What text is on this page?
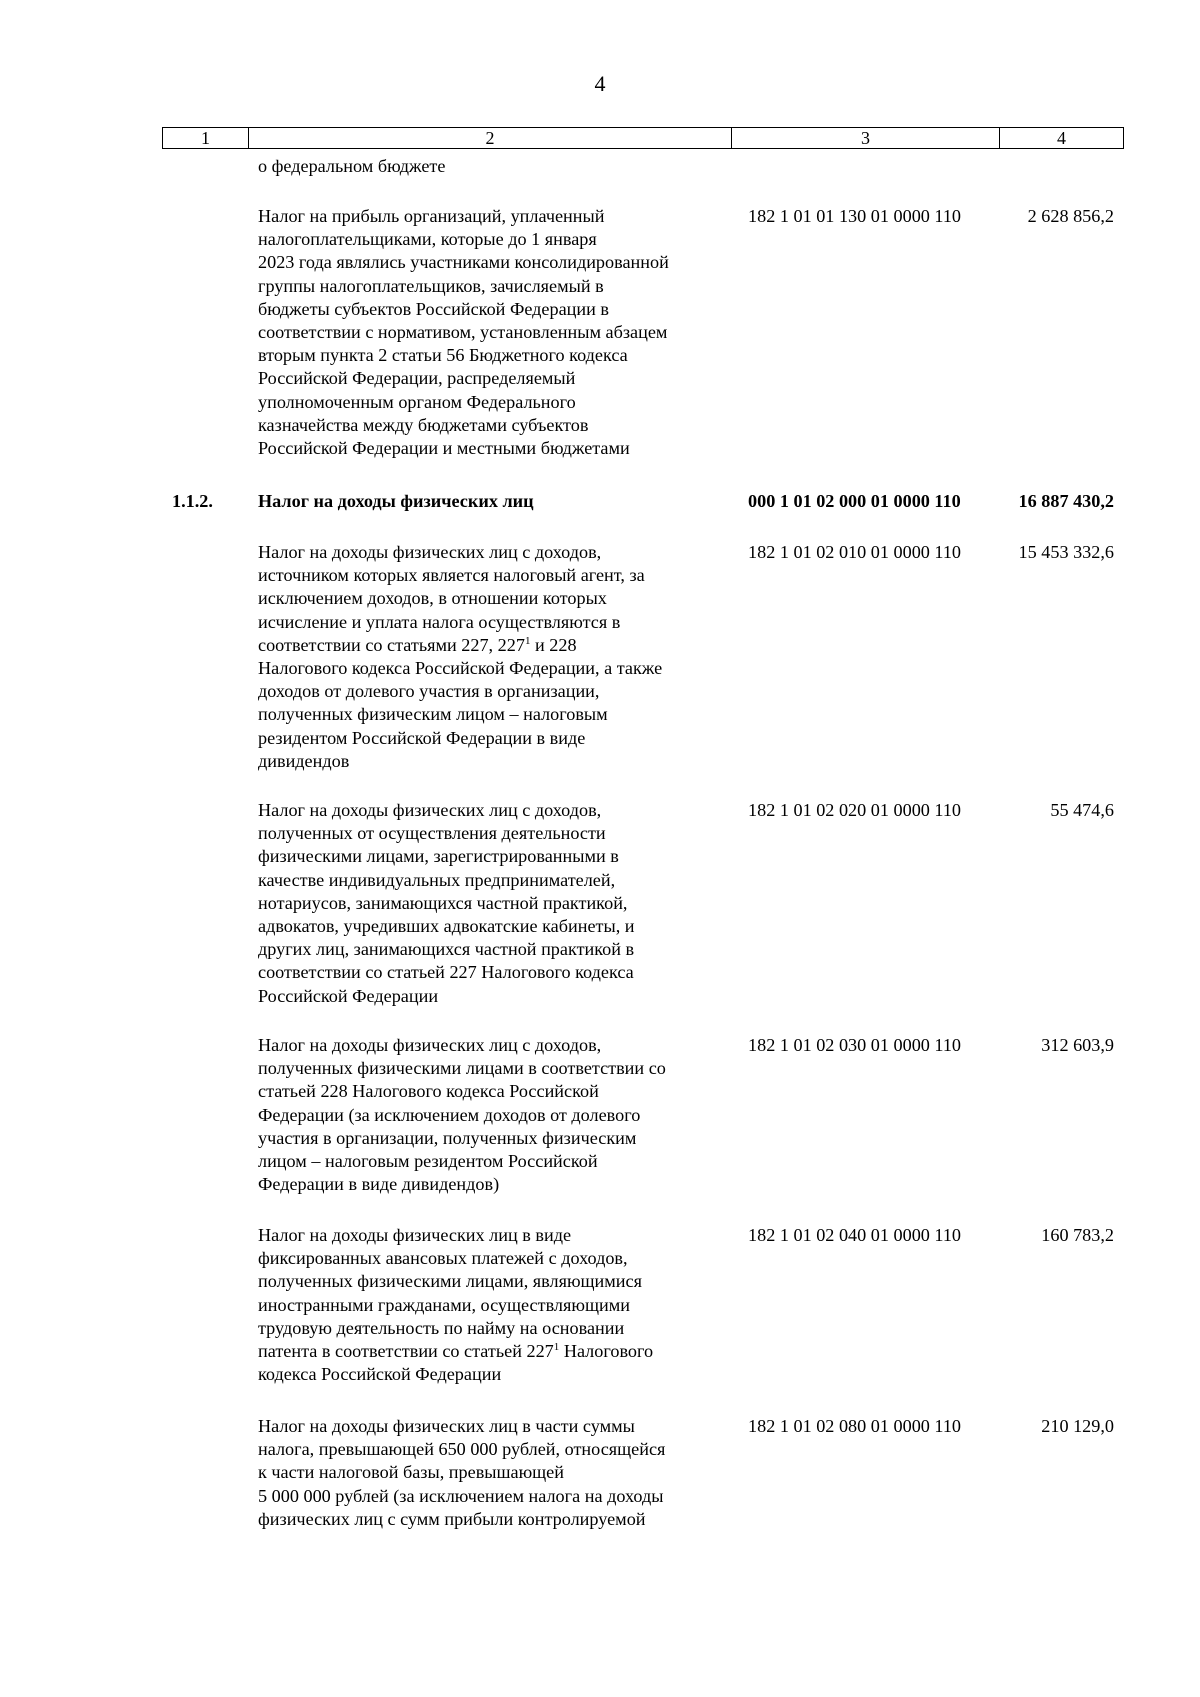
4
1	2	3	4
о федеральном бюджете
Налог на прибыль организаций, уплаченный
налогоплательщиками, которые до 1 января
2023 года являлись участниками консолидированной
группы налогоплательщиков, зачисляемый в
бюджеты субъектов Российской Федерации в
соответствии с нормативом, установленным абзацем
вторым пункта 2 статьи 56 Бюджетного кодекса
Российской Федерации, распределяемый
уполномоченным органом Федерального
казначейства между бюджетами субъектов
Российской Федерации и местными бюджетами
182 1 01 01 130 01 0000 110	2 628 856,2
1.1.2. Налог на доходы физических лиц	000 1 01 02 000 01 0000 110	16 887 430,2
Налог на доходы физических лиц с доходов,
источником которых является налоговый агент, за
исключением доходов, в отношении которых
исчисление и уплата налога осуществляются в
соответствии со статьями 227, $227^1$ и 228
Налогового кодекса Российской Федерации, а также
доходов от долевого участия в организации,
полученных физическим лицом – налоговым
резидентом Российской Федерации в виде
дивидендов
182 1 01 02 010 01 0000 110	15 453 332,6
Налог на доходы физических лиц с доходов,
полученных от осуществления деятельности
физическими лицами, зарегистрированными в
качестве индивидуальных предпринимателей,
нотариусов, занимающихся частной практикой,
адвокатов, учредивших адвокатские кабинеты, и
других лиц, занимающихся частной практикой в
соответствии со статьей 227 Налогового кодекса
Российской Федерации
182 1 01 02 020 01 0000 110	55 474,6
Налог на доходы физических лиц с доходов,
полученных физическими лицами в соответствии со
статьей 228 Налогового кодекса Российской
Федерации (за исключением доходов от долевого
участия в организации, полученных физическим
лицом – налоговым резидентом Российской
Федерации в виде дивидендов)
182 1 01 02 030 01 0000 110	312 603,9
Налог на доходы физических лиц в виде
фиксированных авансовых платежей с доходов,
полученных физическими лицами, являющимися
иностранными гражданами, осуществляющими
трудовую деятельность по найму на основании
патента в соответствии со статьей $227^1$ Налогового
кодекса Российской Федерации
182 1 01 02 040 01 0000 110	160 783,2
Налог на доходы физических лиц в части суммы
налога, превышающей 650 000 рублей, относящейся
к части налоговой базы, превышающей
5 000 000 рублей (за исключением налога на доходы
физических лиц с сумм прибыли контролируемой
182 1 01 02 080 01 0000 110	210 129,0
